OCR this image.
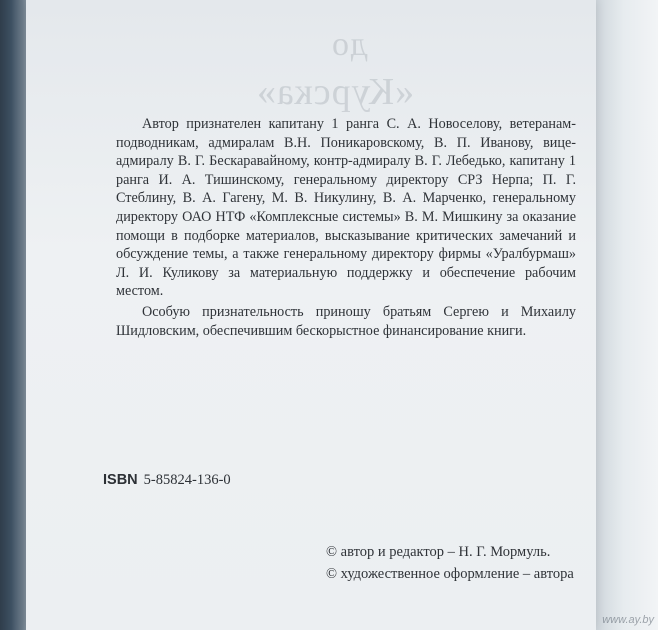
до
«Курска»

Автор признателен капитану 1 ранга С. А. Новоселову, ветеранам-подводникам, адмиралам В.Н. Поникаровскому, В. П. Иванову, вице-адмиралу В. Г. Бескаравайному, контр-адмиралу В. Г. Лебедько, капитану 1 ранга И. А. Тишинскому, генеральному директору СРЗ Нерпа; П. Г. Стеблину, В. А. Гагену, М. В. Никулину, В. А. Марченко, генеральному директору ОАО НТФ «Комплексные системы» В. М. Мишкину за оказание помощи в подборке материалов, высказывание критических замечаний и обсуждение темы, а также генеральному директору фирмы «Уралбурмаш» Л. И. Куликову за материальную поддержку и обеспечение рабочим местом.

Особую признательность приношу братьям Сергею и Михаилу Шидловским, обеспечившим бескорыстное финансирование книги.

ISBN 5-85824-136-0
© автор и редактор – Н. Г. Мормуль.
© художественное оформление – автора
www.ay.by
